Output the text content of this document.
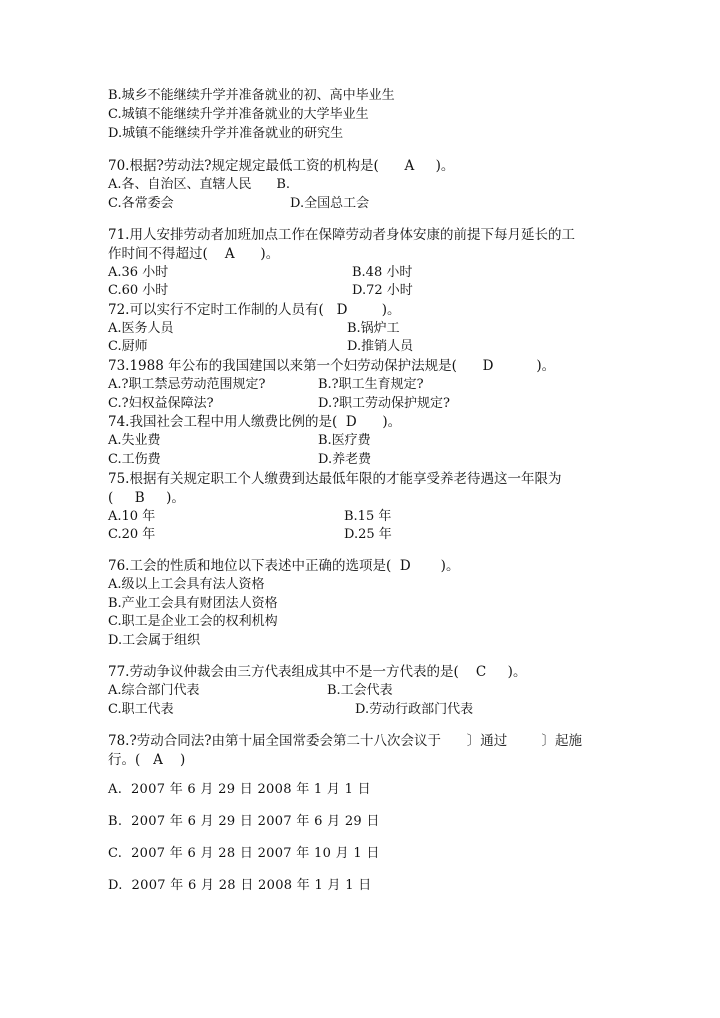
B.城乡不能继续升学并准备就业的初、高中毕业生
C.城镇不能继续升学并准备就业的大学毕业生
D.城镇不能继续升学并准备就业的研究生
70.根据?劳动法?规定规定最低工资的机构是(      A     )。
A.各、自治区、直辖人民      B.
C.各常委会	D.全国总工会
71.用人安排劳动者加班加点工作在保障劳动者身体安康的前提下每月延长的工
作时间不得超过(    A      )。
A.36 小时	B.48 小时
C.60 小时	D.72 小时
72.可以实行不定时工作制的人员有(   D        )。
A.医务人员	B.锅炉工
C.厨师	D.推销人员
73.1988 年公布的我国建国以来第一个妇劳动保护法规是(      D          )。
A.?职工禁忌劳动范围规定?	B.?职工生育规定?
C.?妇权益保障法?	D.?职工劳动保护规定?
74.我国社会工程中用人缴费比例的是(  D      )。
A.失业费	B.医疗费
C.工伤费	D.养老费
75.根据有关规定职工个人缴费到达最低年限的才能享受养老待遇这一年限为
(     B     )。
A.10 年	B.15 年
C.20 年	D.25 年
76.工会的性质和地位以下表述中正确的选项是(  D       )。
A.级以上工会具有法人资格
B.产业工会具有财团法人资格
C.职工是企业工会的权利机构
D.工会属于组织
77.劳动争议仲裁会由三方代表组成其中不是一方代表的是(    C     )。
A.综合部门代表	B.工会代表
C.职工代表	D.劳动行政部门代表
78.?劳动合同法?由第十届全国常委会第二十八次会议于      〕通过        〕起施
行。(   A    )
A.  2007 年 6 月 29 日 2008 年 1 月 1 日
B.  2007 年 6 月 29 日 2007 年 6 月 29 日
C.  2007 年 6 月 28 日 2007 年 10 月 1 日
D.  2007 年 6 月 28 日 2008 年 1 月 1 日
